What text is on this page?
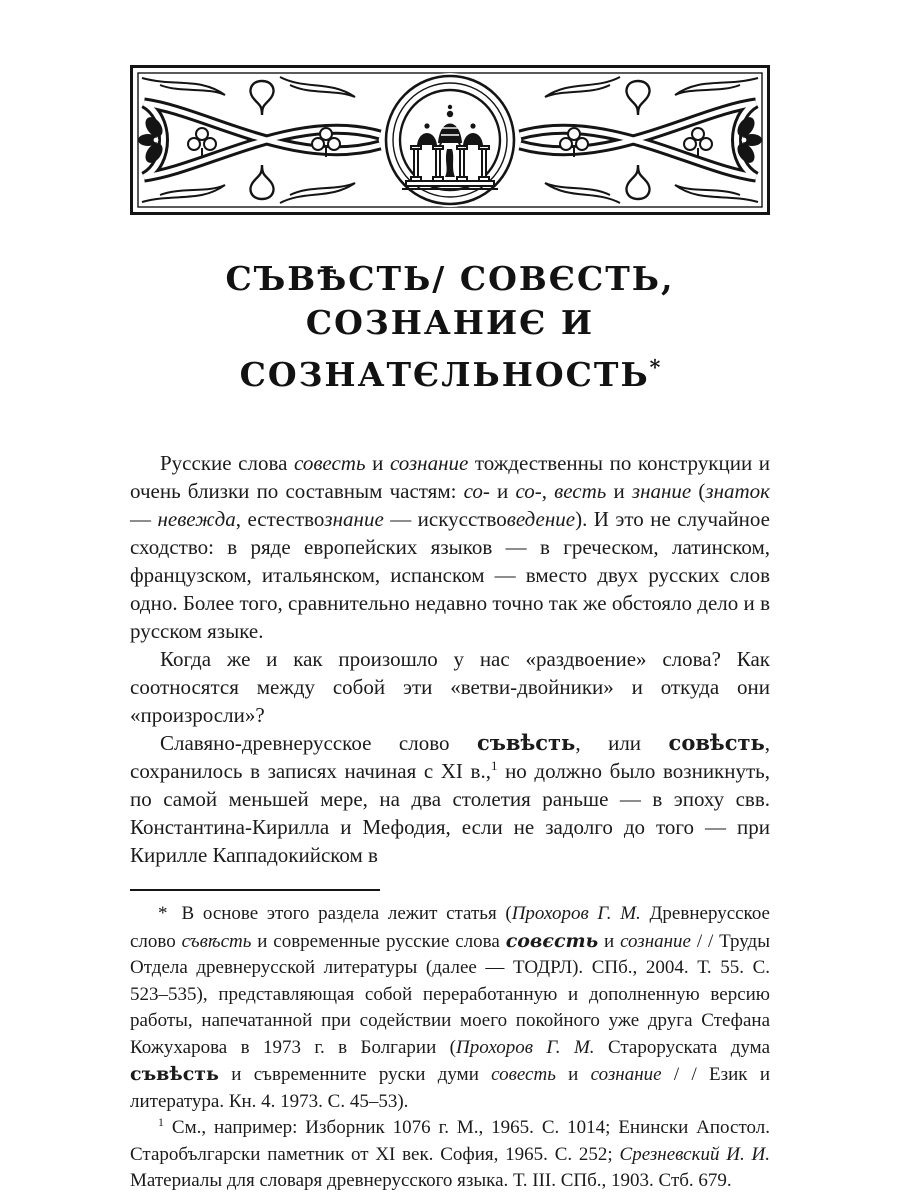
СЪВѢСТЬ/ СОВЄСТЬ, СОЗНАНИЄ И
СОЗНАТЄЛЬНОСТЬ*

Русские слова совесть и сознание тождественны по конструкции и очень близки по составным частям: со- и со-, весть и знание (знаток — невежда, естествознание — искусствоведение). И это не случайное сходство: в ряде европейских языков — в греческом, латинском, французском, итальянском, испанском — вместо двух русских слов одно. Более того, сравнительно недавно точно так же обстояло дело и в русском языке.

Когда же и как произошло у нас «раздвоение» слова? Как соотносятся между собой эти «ветви-двойники» и откуда они «произросли»?

Славяно-древнерусское слово съвѣсть, или совѣсть, сохранилось в записях начиная с XI в.,$^1$ но должно было возникнуть, по самой меньшей мере, на два столетия раньше — в эпоху свв. Константина-Кирилла и Мефодия, если не задолго до того — при Кирилле Каппадокийском в

* В основе этого раздела лежит статья (Прохоров Г. М. Древнерусское слово съвѣсть и современные русские слова совєсть и сознание / / Труды Отдела древнерусской литературы (далее — ТОДРЛ). СПб., 2004. Т. 55. С. 523–535), представляющая собой переработанную и дополненную версию работы, напечатанной при содействии моего покойного уже друга Стефана Кожухарова в 1973 г. в Болгарии (Прохоров Г. М. Староруската дума съвѣсть и съвременните руски думи совесть и сознание / / Език и литература. Кн. 4. 1973. С. 45–53).

$^1$ См., например: Изборник 1076 г. М., 1965. С. 1014; Енински Апостол. Старобългарски паметник от XI век. София, 1965. С. 252; Срезневский И. И. Материалы для словаря древнерусского языка. Т. III. СПб., 1903. Стб. 679.
